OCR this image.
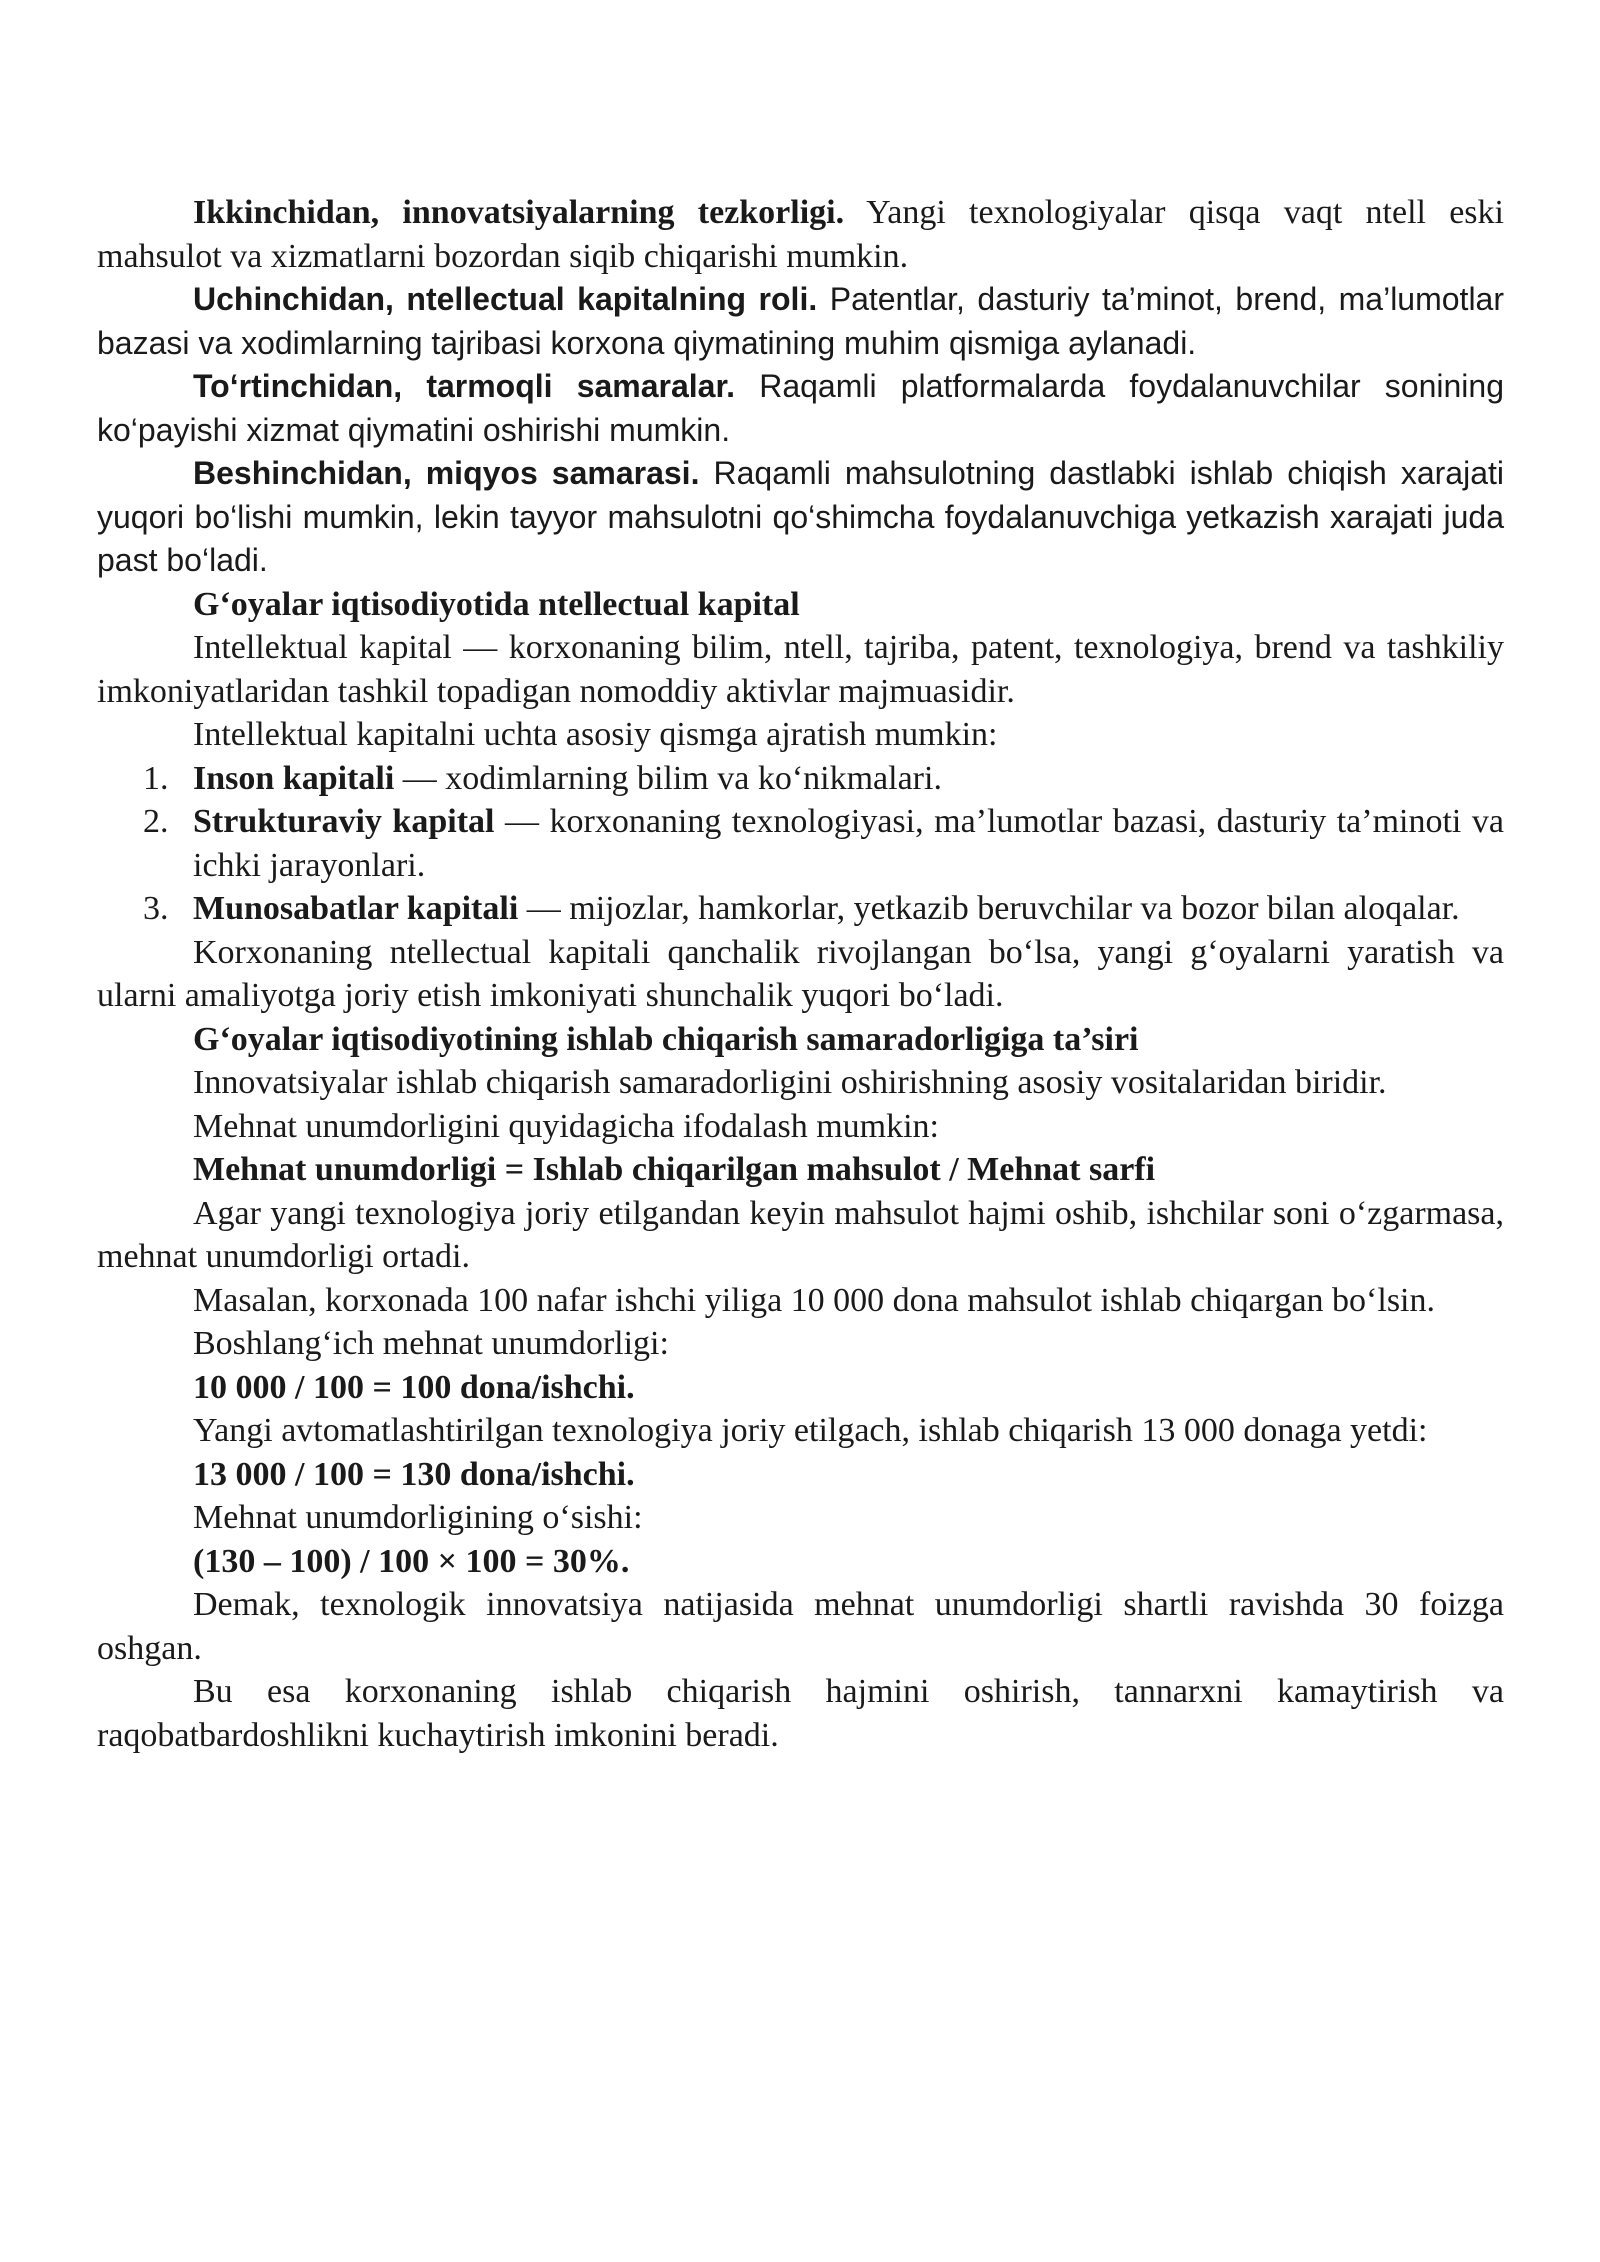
Ikkinchidan, innovatsiyalarning tezkorligi. Yangi texnologiyalar qisqa vaqt ntell eski mahsulot va xizmatlarni bozordan siqib chiqarishi mumkin.

Uchinchidan, ntellectual kapitalning roli. Patentlar, dasturiy ta’minot, brend, ma’lumotlar bazasi va xodimlarning tajribasi korxona qiymatining muhim qismiga aylanadi.

To‘rtinchidan, tarmoqli samaralar. Raqamli platformalarda foydalanuvchilar sonining ko‘payishi xizmat qiymatini oshirishi mumkin.

Beshinchidan, miqyos samarasi. Raqamli mahsulotning dastlabki ishlab chiqish xarajati yuqori bo‘lishi mumkin, lekin tayyor mahsulotni qo‘shimcha foydalanuvchiga yetkazish xarajati juda past bo‘ladi.

G‘oyalar iqtisodiyotida ntellectual kapital

Intellektual kapital — korxonaning bilim, ntell, tajriba, patent, texnologiya, brend va tashkiliy imkoniyatlaridan tashkil topadigan nomoddiy aktivlar majmuasidir.

Intellektual kapitalni uchta asosiy qismga ajratish mumkin:

1. Inson kapitali — xodimlarning bilim va ko‘nikmalari.
2. Strukturaviy kapital — korxonaning texnologiyasi, ma’lumotlar bazasi, dasturiy ta’minoti va ichki jarayonlari.
3. Munosabatlar kapitali — mijozlar, hamkorlar, yetkazib beruvchilar va bozor bilan aloqalar.

Korxonaning ntellectual kapitali qanchalik rivojlangan bo‘lsa, yangi g‘oyalarni yaratish va ularni amaliyotga joriy etish imkoniyati shunchalik yuqori bo‘ladi.

G‘oyalar iqtisodiyotining ishlab chiqarish samaradorligiga ta’siri

Innovatsiyalar ishlab chiqarish samaradorligini oshirishning asosiy vositalaridan biridir.

Mehnat unumdorligini quyidagicha ifodalash mumkin:

Mehnat unumdorligi = Ishlab chiqarilgan mahsulot / Mehnat sarfi

Agar yangi texnologiya joriy etilgandan keyin mahsulot hajmi oshib, ishchilar soni o‘zgarmasa, mehnat unumdorligi ortadi.

Masalan, korxonada 100 nafar ishchi yiliga 10 000 dona mahsulot ishlab chiqargan bo‘lsin.

Boshlang‘ich mehnat unumdorligi:

10 000 / 100 = 100 dona/ishchi.

Yangi avtomatlashtirilgan texnologiya joriy etilgach, ishlab chiqarish 13 000 donaga yetdi:

13 000 / 100 = 130 dona/ishchi.

Mehnat unumdorligining o‘sishi:

(130 – 100) / 100 × 100 = 30%.

Demak, texnologik innovatsiya natijasida mehnat unumdorligi shartli ravishda 30 foizga oshgan.

Bu esa korxonaning ishlab chiqarish hajmini oshirish, tannarxni kamaytirish va raqobatbardoshlikni kuchaytirish imkonini beradi.
